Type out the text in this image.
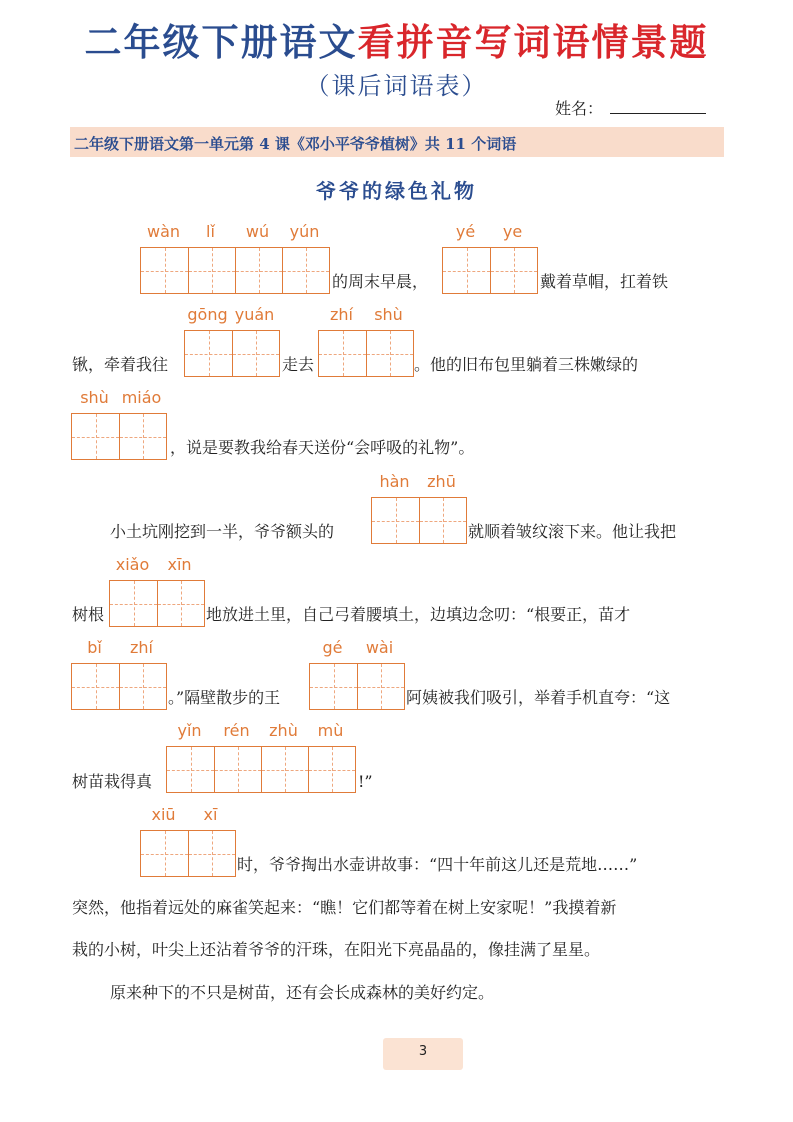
二年级下册语文看拼音写词语情景题
（课后词语表）
姓名：
二年级下册语文第一单元第 4 课《邓小平爷爷植树》共 11 个词语
爷爷的绿色礼物
wàn	lǐ	wú	yún
的周末早晨，
yé	ye
戴着草帽，扛着铁
锹，牵着我往
gōng yuán
走去
zhí	shù
。他的旧布包里躺着三株嫩绿的
shù miáo
，说是要教我给春天送份“会呼吸的礼物”。
小土坑刚挖到一半，爷爷额头的
hàn	zhū
就顺着皱纹滚下来。他让我把
树根
xiǎo	xīn
地放进土里，自己弓着腰填土，边填边念叨：“根要正，苗才
bǐ	zhí
。”隔壁散步的王
gé	wài
阿姨被我们吸引，举着手机直夸：“这
树苗栽得真
yǐn	rén	zhù	mù
!”
xiū	xī
时，爷爷掏出水壶讲故事：“四十年前这儿还是荒地……”
突然，他指着远处的麻雀笑起来：“瞧！它们都等着在树上安家呢！”我摸着新
栽的小树，叶尖上还沾着爷爷的汗珠，在阳光下亮晶晶的，像挂满了星星。
原来种下的不只是树苗，还有会长成森林的美好约定。
3
